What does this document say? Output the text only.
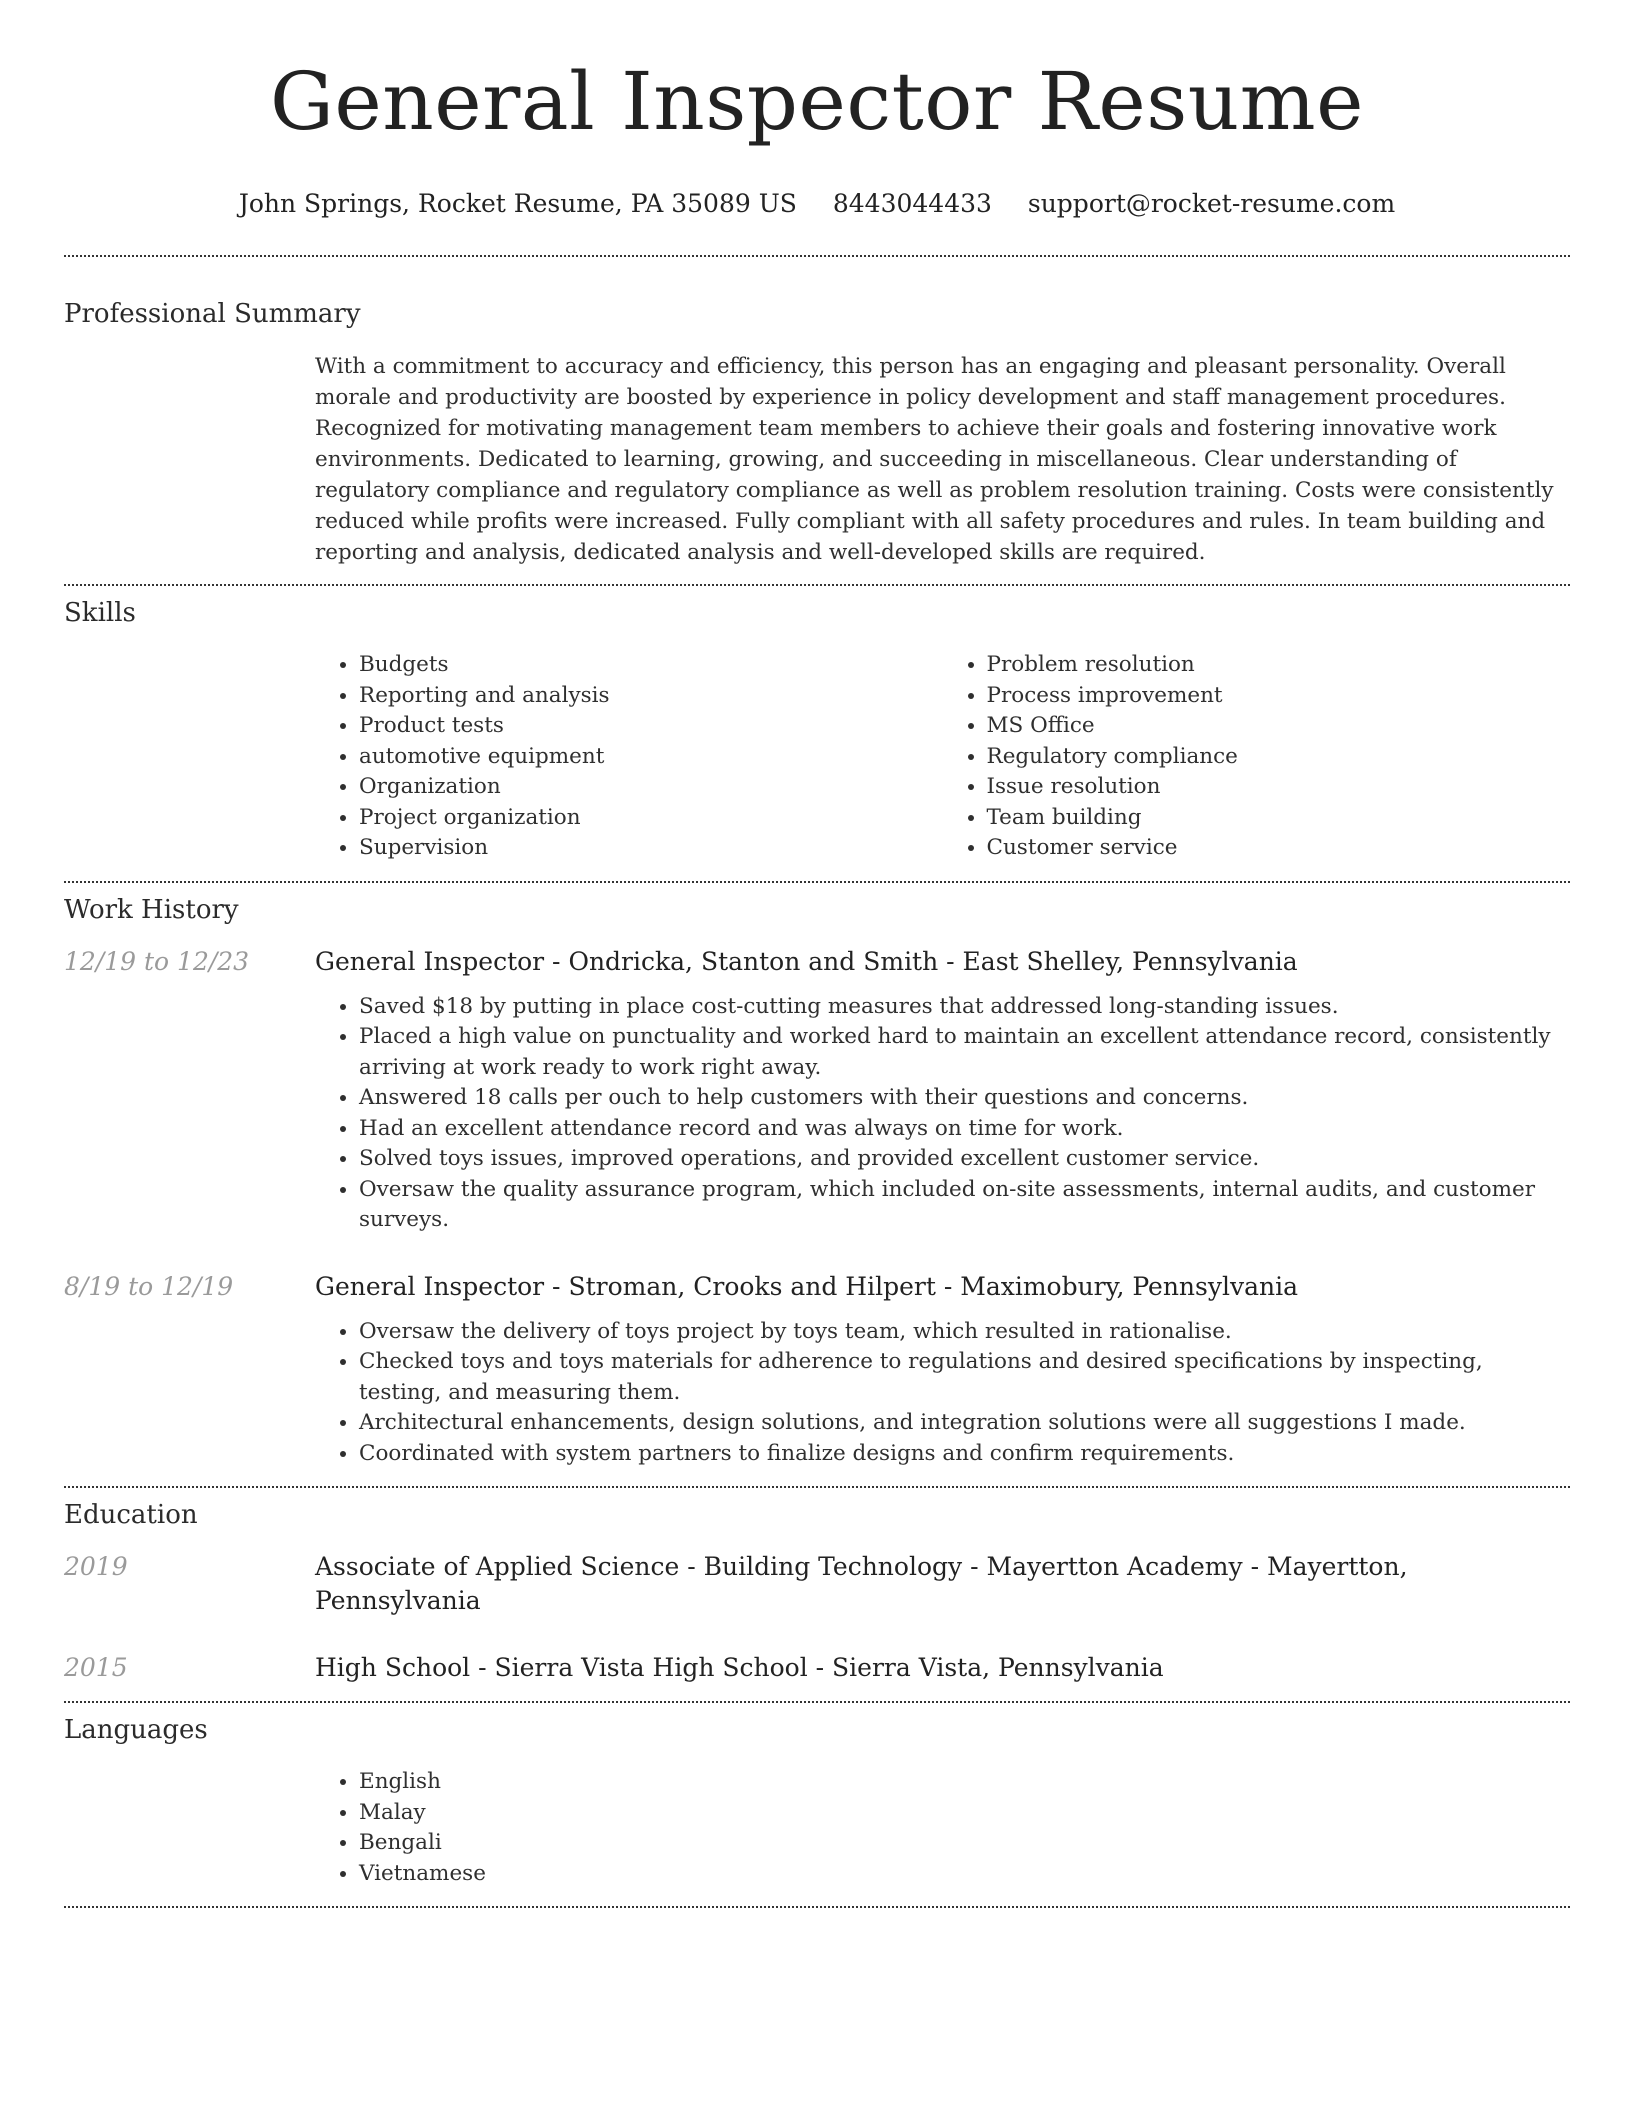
General Inspector Resume
John Springs, Rocket Resume, PA 35089 US 8443044433 support@rocket-resume.com
Professional Summary

With a commitment to accuracy and efficiency, this person has an engaging and pleasant personality. Overall morale and productivity are boosted by experience in policy development and staff management procedures. Recognized for motivating management team members to achieve their goals and fostering innovative work environments. Dedicated to learning, growing, and succeeding in miscellaneous. Clear understanding of regulatory compliance and regulatory compliance as well as problem resolution training. Costs were consistently reduced while profits were increased. Fully compliant with all safety procedures and rules. In team building and reporting and analysis, dedicated analysis and well-developed skills are required.

Skills
• Budgets
• Reporting and analysis
• Product tests
• automotive equipment
• Organization
• Project organization
• Supervision
• Problem resolution
• Process improvement
• MS Office
• Regulatory compliance
• Issue resolution
• Team building
• Customer service
Work History
12/19 to 12/23	General Inspector - Ondricka, Stanton and Smith - East Shelley, Pennsylvania
• Saved $18 by putting in place cost-cutting measures that addressed long-standing issues.
• Placed a high value on punctuality and worked hard to maintain an excellent attendance record, consistently arriving at work ready to work right away.
• Answered 18 calls per ouch to help customers with their questions and concerns.
• Had an excellent attendance record and was always on time for work.
• Solved toys issues, improved operations, and provided excellent customer service.
• Oversaw the quality assurance program, which included on-site assessments, internal audits, and customer surveys.
8/19 to 12/19	General Inspector - Stroman, Crooks and Hilpert - Maximobury, Pennsylvania
• Oversaw the delivery of toys project by toys team, which resulted in rationalise.
• Checked toys and toys materials for adherence to regulations and desired specifications by inspecting, testing, and measuring them.
• Architectural enhancements, design solutions, and integration solutions were all suggestions I made.
• Coordinated with system partners to finalize designs and confirm requirements.
Education
2019	Associate of Applied Science - Building Technology - Mayertton Academy - Mayertton, Pennsylvania
2015	High School - Sierra Vista High School - Sierra Vista, Pennsylvania
Languages
• English
• Malay
• Bengali
• Vietnamese
